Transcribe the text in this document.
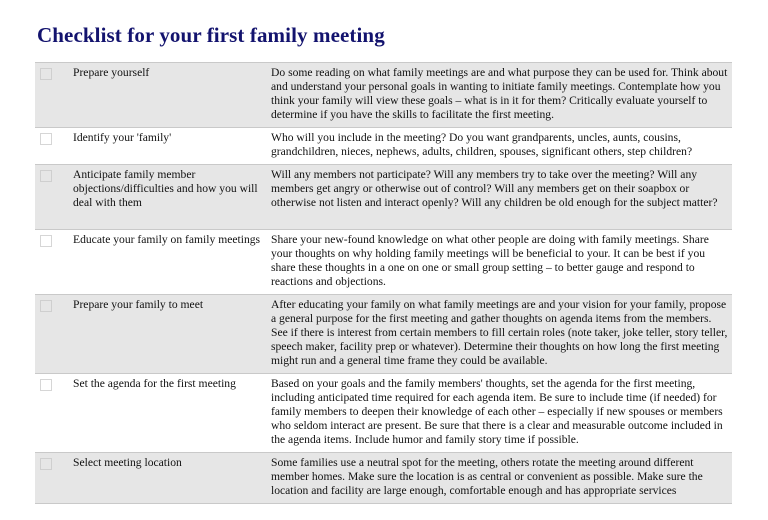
Checklist for your first family meeting
	Prepare yourself	Do some reading on what family meetings are and what purpose they can be used for. Think about and understand your personal goals in wanting to initiate family meetings. Contemplate how you think your family will view these goals – what is in it for them? Critically evaluate yourself to determine if you have the skills to facilitate the first meeting.

	Identify your 'family'	Who will you include in the meeting? Do you want grandparents, uncles, aunts, cousins, grandchildren, nieces, nephews, adults, children, spouses, significant others, step children?

	Anticipate family member objections/difficulties and how you will deal with them	Will any members not participate? Will any members try to take over the meeting? Will any members get angry or otherwise out of control? Will any members get on their soapbox or otherwise not listen and interact openly? Will any children be old enough for the subject matter?

	Educate your family on family meetings	Share your new-found knowledge on what other people are doing with family meetings. Share your thoughts on why holding family meetings will be beneficial to your. It can be best if you share these thoughts in a one on one or small group setting – to better gauge and respond to reactions and objections.

	Prepare your family to meet	After educating your family on what family meetings are and your vision for your family, propose a general purpose for the first meeting and gather thoughts on agenda items from the members. See if there is interest from certain members to fill certain roles (note taker, joke teller, story teller, speech maker, facility prep or whatever). Determine their thoughts on how long the first meeting might run and a general time frame they could be available.

	Set the agenda for the first meeting	Based on your goals and the family members' thoughts, set the agenda for the first meeting, including anticipated time required for each agenda item. Be sure to include time (if needed) for family members to deepen their knowledge of each other – especially if new spouses or members who seldom interact are present. Be sure that there is a clear and measurable outcome included in the agenda items. Include humor and family story time if possible.

	Select meeting location	Some families use a neutral spot for the meeting, others rotate the meeting around different member homes. Make sure the location is as central or convenient as possible. Make sure the location and facility are large enough, comfortable enough and has appropriate services
